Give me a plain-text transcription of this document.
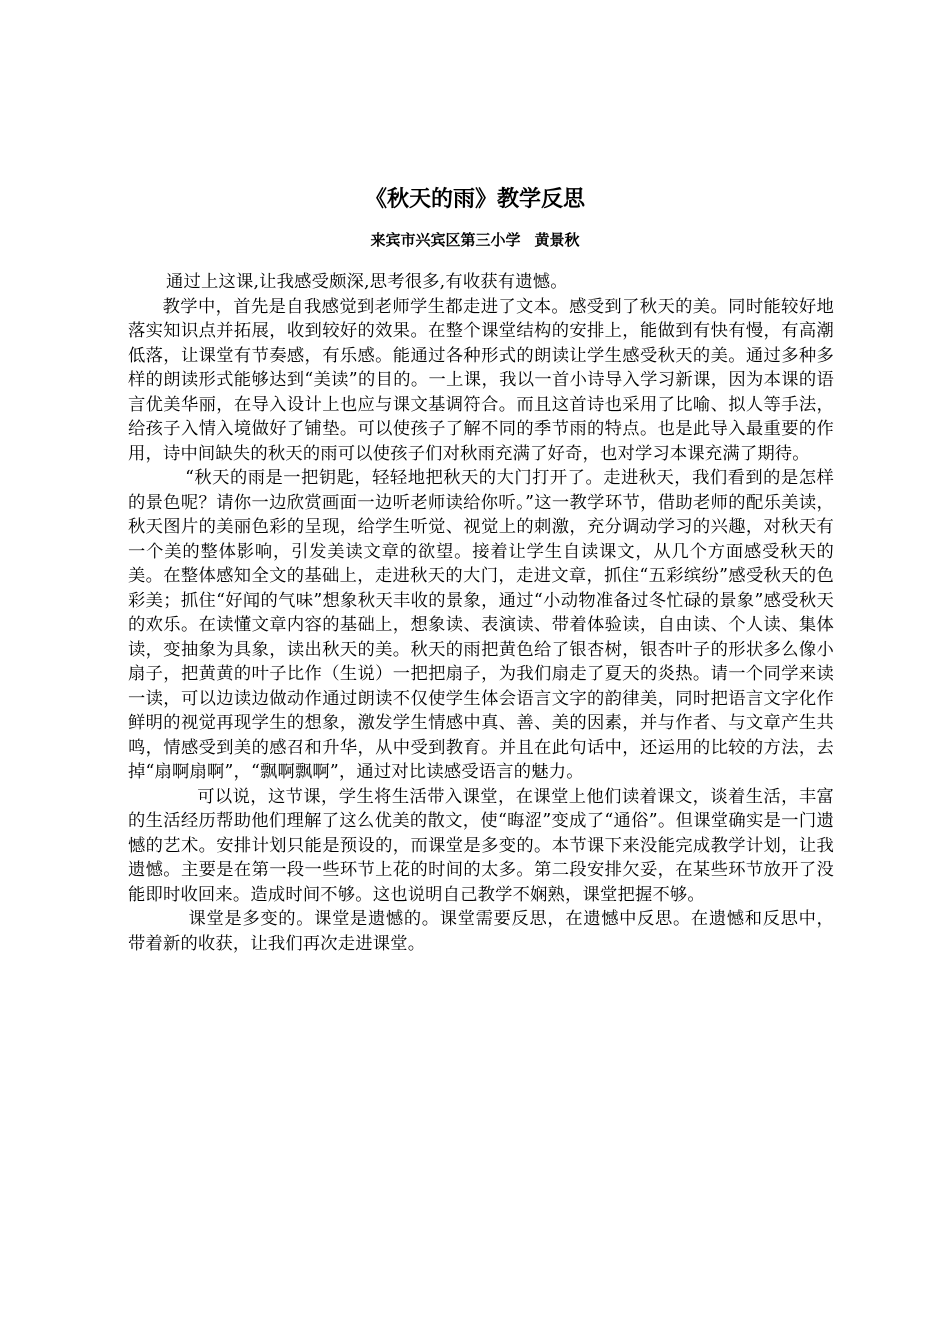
《秋天的雨》教学反思
来宾市兴宾区第三小学 黄景秋

通过上这课,让我感受颇深,思考很多,有收获有遗憾。

教学中，首先是自我感觉到老师学生都走进了文本。感受到了秋天的美。同时能较好地落实知识点并拓展，收到较好的效果。在整个课堂结构的安排上，能做到有快有慢，有高潮低落，让课堂有节奏感，有乐感。能通过各种形式的朗读让学生感受秋天的美。通过多种多样的朗读形式能够达到“美读”的目的。一上课，我以一首小诗导入学习新课，因为本课的语言优美华丽，在导入设计上也应与课文基调符合。而且这首诗也采用了比喻、拟人等手法，给孩子入情入境做好了铺垫。可以使孩子了解不同的季节雨的特点。也是此导入最重要的作用，诗中间缺失的秋天的雨可以使孩子们对秋雨充满了好奇，也对学习本课充满了期待。

“秋天的雨是一把钥匙，轻轻地把秋天的大门打开了。走进秋天，我们看到的是怎样的景色呢？请你一边欣赏画面一边听老师读给你听。”这一教学环节，借助老师的配乐美读，秋天图片的美丽色彩的呈现，给学生听觉、视觉上的刺激，充分调动学习的兴趣，对秋天有一个美的整体影响，引发美读文章的欲望。接着让学生自读课文，从几个方面感受秋天的美。在整体感知全文的基础上，走进秋天的大门，走进文章，抓住“五彩缤纷”感受秋天的色彩美；抓住“好闻的气味”想象秋天丰收的景象，通过“小动物准备过冬忙碌的景象”感受秋天的欢乐。在读懂文章内容的基础上，想象读、表演读、带着体验读，自由读、个人读、集体读，变抽象为具象，读出秋天的美。秋天的雨把黄色给了银杏树，银杏叶子的形状多么像小扇子，把黄黄的叶子比作（生说）一把把扇子，为我们扇走了夏天的炎热。请一个同学来读一读，可以边读边做动作通过朗读不仅使学生体会语言文字的韵律美，同时把语言文字化作鲜明的视觉再现学生的想象，激发学生情感中真、善、美的因素，并与作者、与文章产生共鸣，情感受到美的感召和升华，从中受到教育。并且在此句话中，还运用的比较的方法，去掉“扇啊扇啊”，“飘啊飘啊”，通过对比读感受语言的魅力。

可以说，这节课，学生将生活带入课堂，在课堂上他们读着课文，谈着生活，丰富的生活经历帮助他们理解了这么优美的散文，使“晦涩”变成了“通俗”。但课堂确实是一门遗憾的艺术。安排计划只能是预设的，而课堂是多变的。本节课下来没能完成教学计划，让我遗憾。主要是在第一段一些环节上花的时间的太多。第二段安排欠妥，在某些环节放开了没能即时收回来。造成时间不够。这也说明自己教学不娴熟，课堂把握不够。

课堂是多变的。课堂是遗憾的。课堂需要反思，在遗憾中反思。在遗憾和反思中，带着新的收获，让我们再次走进课堂。
